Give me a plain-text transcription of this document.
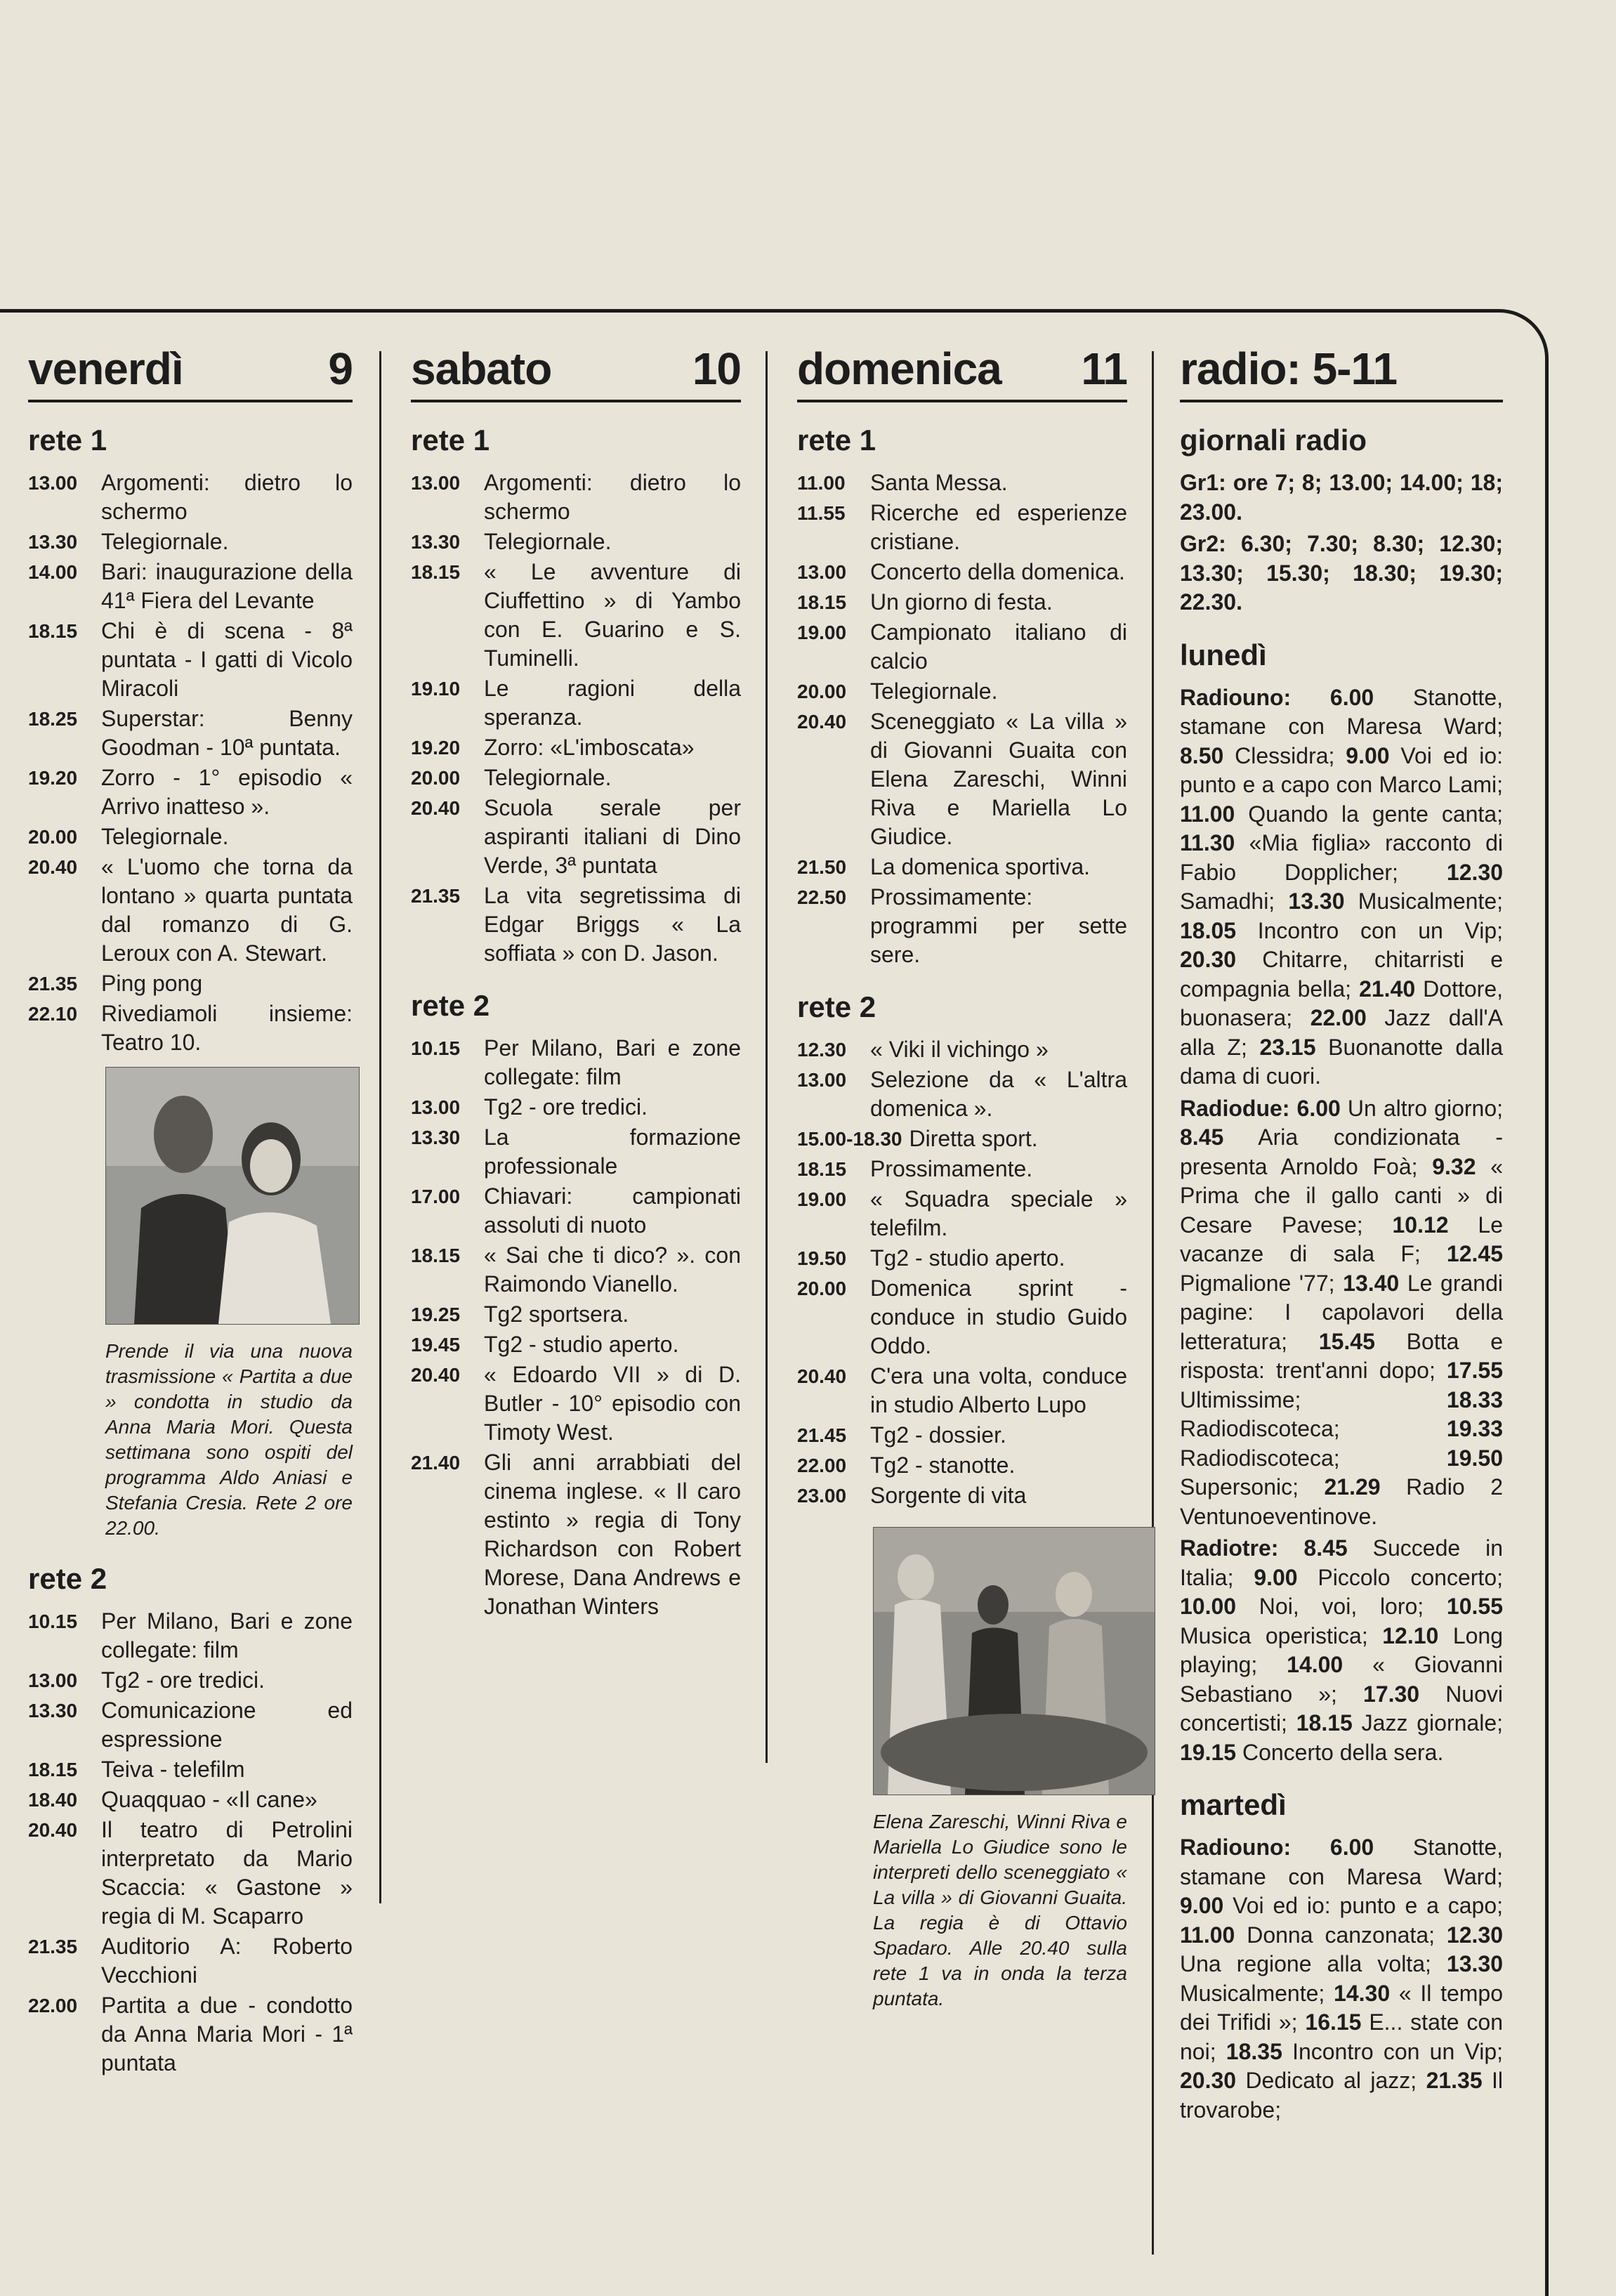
venerdì	9
rete 1
13.00	Argomenti: dietro lo schermo
13.30	Telegiornale.
14.00	Bari: inaugurazione della 41ª Fiera del Levante
18.15	Chi è di scena - 8ª puntata - I gatti di Vicolo Miracoli
18.25	Superstar: Benny Goodman - 10ª puntata.
19.20	Zorro - 1° episodio « Arrivo inatteso ».
20.00	Telegiornale.
20.40	« L'uomo che torna da lontano » quarta puntata dal romanzo di G. Leroux con A. Stewart.
21.35	Ping pong
22.10	Rivediamoli insieme: Teatro 10.
Prende il via una nuova trasmissione « Partita a due » condotta in studio da Anna Maria Mori. Questa settimana sono ospiti del programma Aldo Aniasi e Stefania Cresia. Rete 2 ore 22.00.
rete 2
10.15	Per Milano, Bari e zone collegate: film
13.00	Tg2 - ore tredici.
13.30	Comunicazione ed espressione
18.15	Teiva - telefilm
18.40	Quaqquao - «Il cane»
20.40	Il teatro di Petrolini interpretato da Mario Scaccia: « Gastone » regia di M. Scaparro
21.35	Auditorio A: Roberto Vecchioni
22.00	Partita a due - condotto da Anna Maria Mori - 1ª puntata
sabato	10
rete 1
13.00	Argomenti: dietro lo schermo
13.30	Telegiornale.
18.15	« Le avventure di Ciuffettino » di Yambo con E. Guarino e S. Tuminelli.
19.10	Le ragioni della speranza.
19.20	Zorro: «L'imboscata»
20.00	Telegiornale.
20.40	Scuola serale per aspiranti italiani di Dino Verde, 3ª puntata
21.35	La vita segretissima di Edgar Briggs « La soffiata » con D. Jason.
rete 2
10.15	Per Milano, Bari e zone collegate: film
13.00	Tg2 - ore tredici.
13.30	La formazione professionale
17.00	Chiavari: campionati assoluti di nuoto
18.15	« Sai che ti dico? ». con Raimondo Vianello.
19.25	Tg2 sportsera.
19.45	Tg2 - studio aperto.
20.40	« Edoardo VII » di D. Butler - 10° episodio con Timoty West.
21.40	Gli anni arrabbiati del cinema inglese. « Il caro estinto » regia di Tony Richardson con Robert Morese, Dana Andrews e Jonathan Winters
domenica 11
rete 1
11.00	Santa Messa.
11.55	Ricerche ed esperienze cristiane.
13.00	Concerto della domenica.
18.15	Un giorno di festa.
19.00	Campionato italiano di calcio
20.00	Telegiornale.
20.40	Sceneggiato « La villa » di Giovanni Guaita con Elena Zareschi, Winni Riva e Mariella Lo Giudice.
21.50	La domenica sportiva.
22.50	Prossimamente: programmi per sette sere.
rete 2
12.30	« Viki il vichingo »
13.00	Selezione da « L'altra domenica ».
15.00-18.30 Diretta sport.
18.15	Prossimamente.
19.00	« Squadra speciale » telefilm.
19.50	Tg2 - studio aperto.
20.00	Domenica sprint - conduce in studio Guido Oddo.
20.40	C'era una volta, conduce in studio Alberto Lupo
21.45	Tg2 - dossier.
22.00	Tg2 - stanotte.
23.00	Sorgente di vita
Elena Zareschi, Winni Riva e Mariella Lo Giudice sono le interpreti dello sceneggiato « La villa » di Giovanni Guaita. La regia è di Ottavio Spadaro. Alle 20.40 sulla rete 1 va in onda la terza puntata.
radio: 5-11
giornali radio
Gr1: ore 7; 8; 13.00; 14.00; 18; 23.00.
Gr2: 6.30; 7.30; 8.30; 12.30; 13.30; 15.30; 18.30; 19.30; 22.30.
lunedì
Radiouno: 6.00 Stanotte, stamane con Maresa Ward; 8.50 Clessidra; 9.00 Voi ed io: punto e a capo con Marco Lami; 11.00 Quando la gente canta; 11.30 «Mia figlia» racconto di Fabio Dopplicher; 12.30 Samadhi; 13.30 Musicalmente; 18.05 Incontro con un Vip; 20.30 Chitarre, chitarristi e compagnia bella; 21.40 Dottore, buonasera; 22.00 Jazz dall'A alla Z; 23.15 Buonanotte dalla dama di cuori.
Radiodue: 6.00 Un altro giorno; 8.45 Aria condizionata - presenta Arnoldo Foà; 9.32 « Prima che il gallo canti » di Cesare Pavese; 10.12 Le vacanze di sala F; 12.45 Pigmalione '77; 13.40 Le grandi pagine: I capolavori della letteratura; 15.45 Botta e risposta: trent'anni dopo; 17.55 Ultimissime; 18.33 Radiodiscoteca; 19.33 Radiodiscoteca; 19.50 Supersonic; 21.29 Radio 2 Ventunoeventinove.
Radiotre: 8.45 Succede in Italia; 9.00 Piccolo concerto; 10.00 Noi, voi, loro; 10.55 Musica operistica; 12.10 Long playing; 14.00 « Giovanni Sebastiano »; 17.30 Nuovi concertisti; 18.15 Jazz giornale; 19.15 Concerto della sera.
martedì
Radiouno: 6.00 Stanotte, stamane con Maresa Ward; 9.00 Voi ed io: punto e a capo; 11.00 Donna canzonata; 12.30 Una regione alla volta; 13.30 Musicalmente; 14.30 « Il tempo dei Trifidi »; 16.15 E... state con noi; 18.35 Incontro con un Vip; 20.30 Dedicato al jazz; 21.35 Il trovarobe;
